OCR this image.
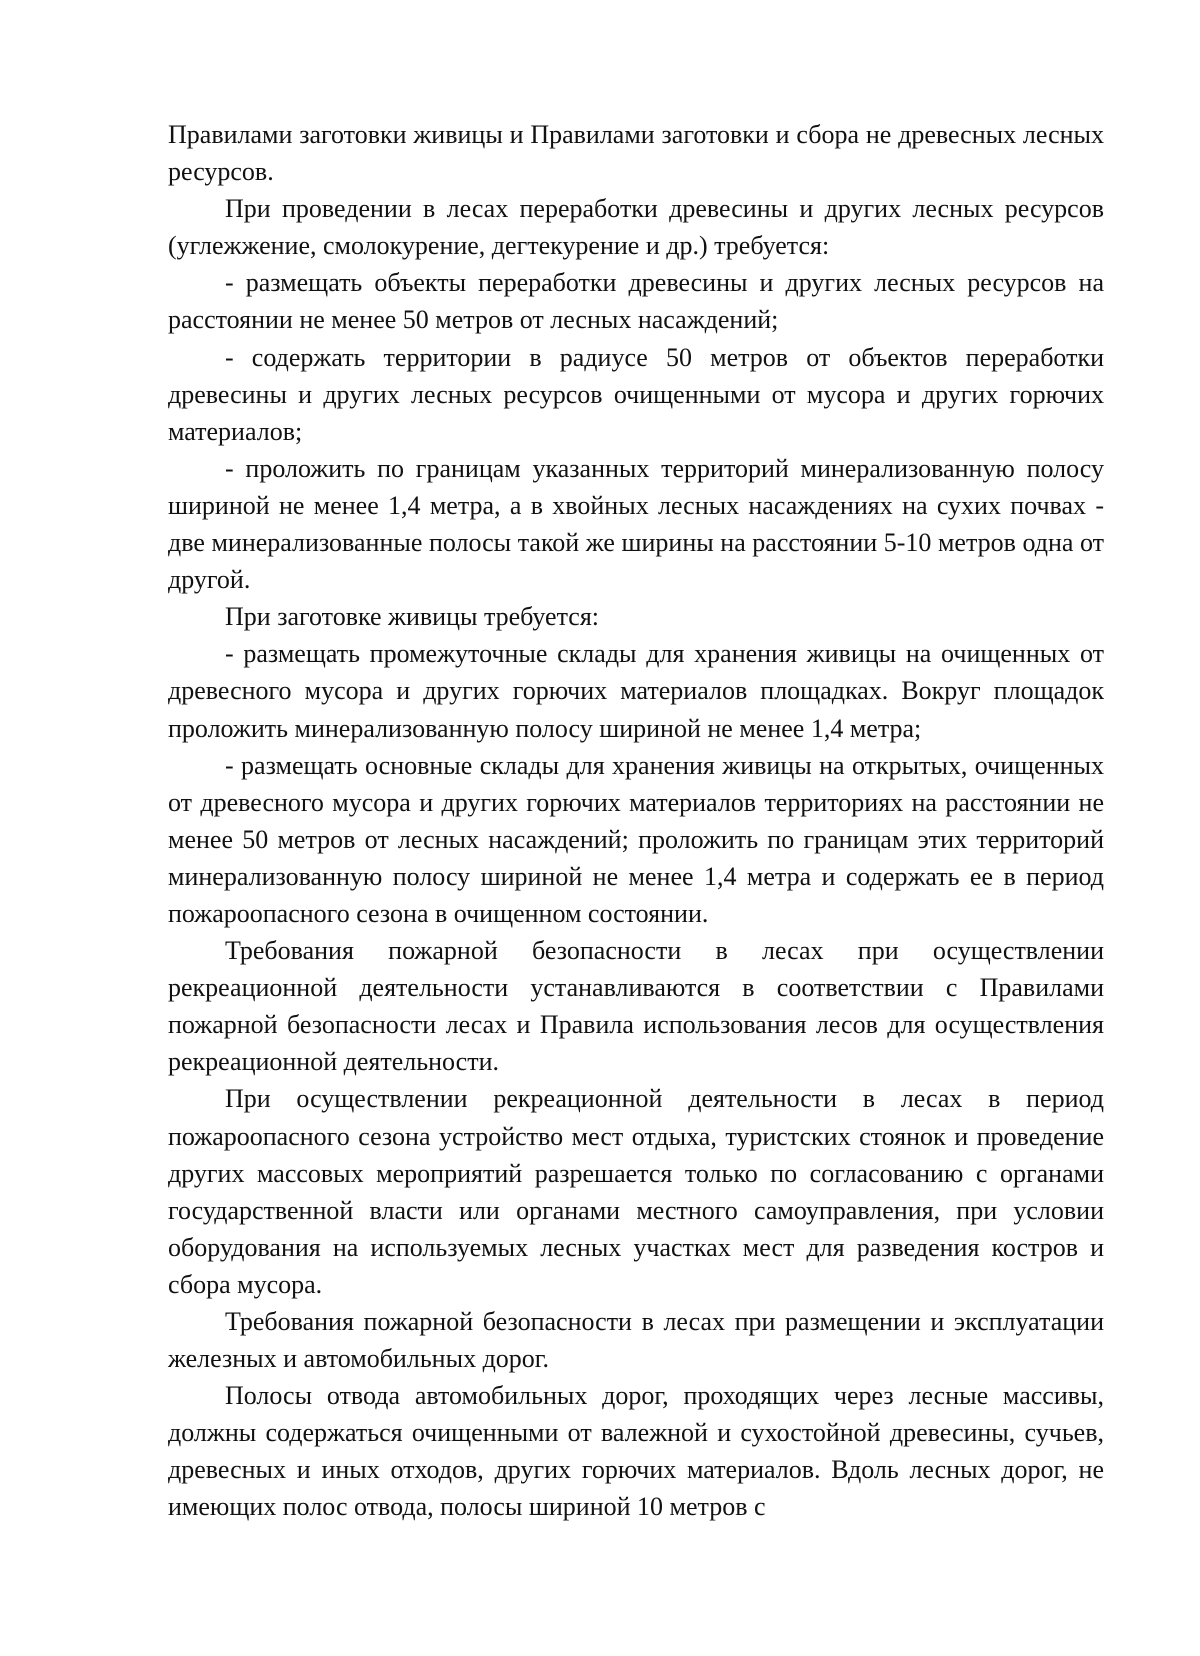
Правилами заготовки живицы и Правилами заготовки и сбора не древесных лесных ресурсов.

При проведении в лесах переработки древесины и других лесных ресурсов (углежжение, смолокурение, дегтекурение и др.) требуется:

- размещать объекты переработки древесины и других лесных ресурсов на расстоянии не менее 50 метров от лесных насаждений;

- содержать территории в радиусе 50 метров от объектов переработки древесины и других лесных ресурсов очищенными от мусора и других горючих материалов;

- проложить по границам указанных территорий минерализованную полосу шириной не менее 1,4 метра, а в хвойных лесных насаждениях на сухих почвах - две минерализованные полосы такой же ширины на расстоянии 5-10 метров одна от другой.

При заготовке живицы требуется:

- размещать промежуточные склады для хранения живицы на очищенных от древесного мусора и других горючих материалов площадках. Вокруг площадок проложить минерализованную полосу шириной не менее 1,4 метра;

- размещать основные склады для хранения живицы на открытых, очищенных от древесного мусора и других горючих материалов территориях на расстоянии не менее 50 метров от лесных насаждений; проложить по границам этих территорий минерализованную полосу шириной не менее 1,4 метра и содержать ее в период пожароопасного сезона в очищенном состоянии.

Требования пожарной безопасности в лесах при осуществлении рекреационной деятельности устанавливаются в соответствии с Правилами пожарной безопасности лесах и Правила использования лесов для осуществления рекреационной деятельности.

При осуществлении рекреационной деятельности в лесах в период пожароопасного сезона устройство мест отдыха, туристских стоянок и проведение других массовых мероприятий разрешается только по согласованию с органами государственной власти или органами местного самоуправления, при условии оборудования на используемых лесных участках мест для разведения костров и сбора мусора.

Требования пожарной безопасности в лесах при размещении и эксплуатации железных и автомобильных дорог.

Полосы отвода автомобильных дорог, проходящих через лесные массивы, должны содержаться очищенными от валежной и сухостойной древесины, сучьев, древесных и иных отходов, других горючих материалов. Вдоль лесных дорог, не имеющих полос отвода, полосы шириной 10 метров с
